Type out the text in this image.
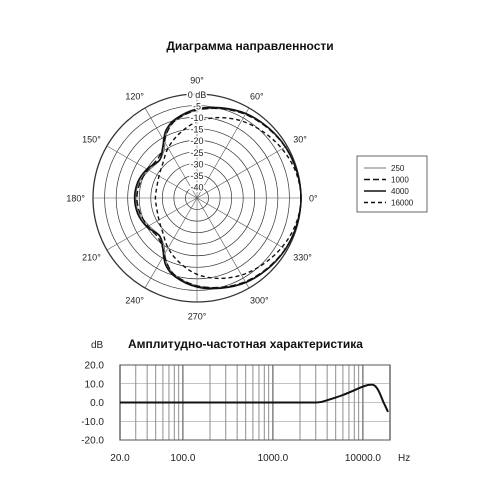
Диаграмма направленности
0 dB
-5
-10
-15
-20
-25
-30
-35
-40
0°
30°
60°
90°
120°
150°
180°
210°
240°
270°
300°
330°
250
1000
4000
16000
Амплитудно-частотная характеристика
20.0
10.0
0.0
-10.0
-20.0
20.0	100.0	1000.0	10000.0
dB
Hz
